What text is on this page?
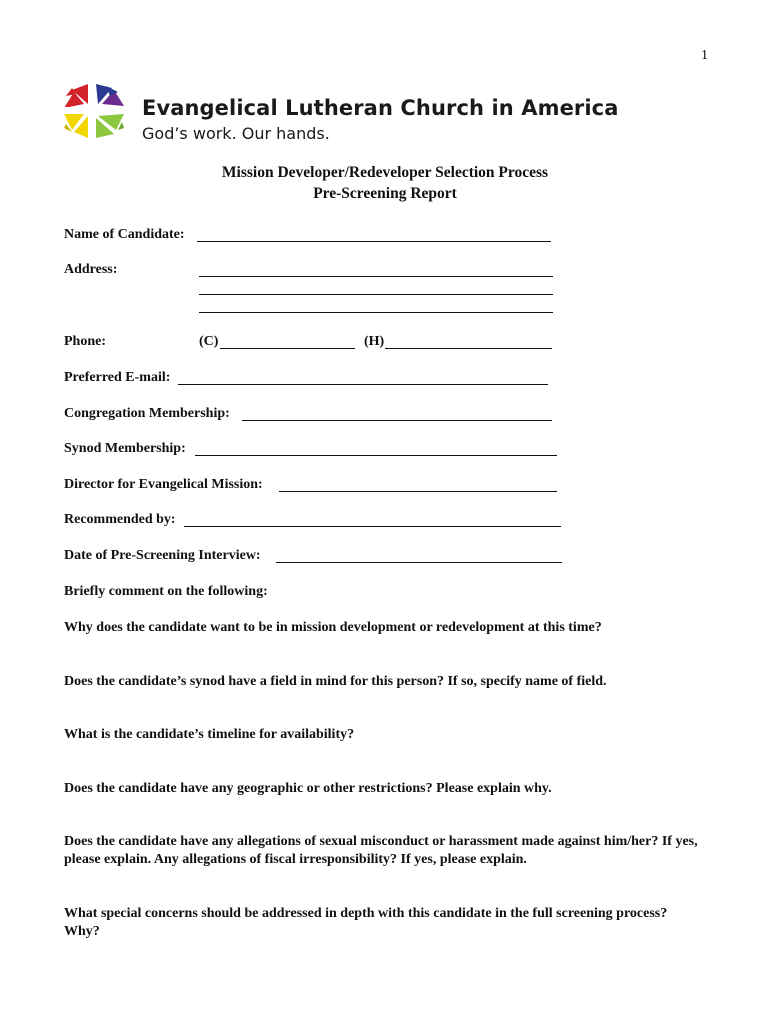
1
Evangelical Lutheran Church in America
God’s work. Our hands.
Mission Developer/Redeveloper Selection Process
Pre-Screening Report
Name of Candidate:
Address:
Phone:	(C)	(H)
Preferred E-mail:
Congregation Membership:
Synod Membership:
Director for Evangelical Mission:
Recommended by:
Date of Pre-Screening Interview:
Briefly comment on the following:
Why does the candidate want to be in mission development or redevelopment at this time?
Does the candidate’s synod have a field in mind for this person? If so, specify name of field.
What is the candidate’s timeline for availability?
Does the candidate have any geographic or other restrictions? Please explain why.
Does the candidate have any allegations of sexual misconduct or harassment made against him/her? If yes, please explain. Any allegations of fiscal irresponsibility? If yes, please explain.
What special concerns should be addressed in depth with this candidate in the full screening process? Why?
